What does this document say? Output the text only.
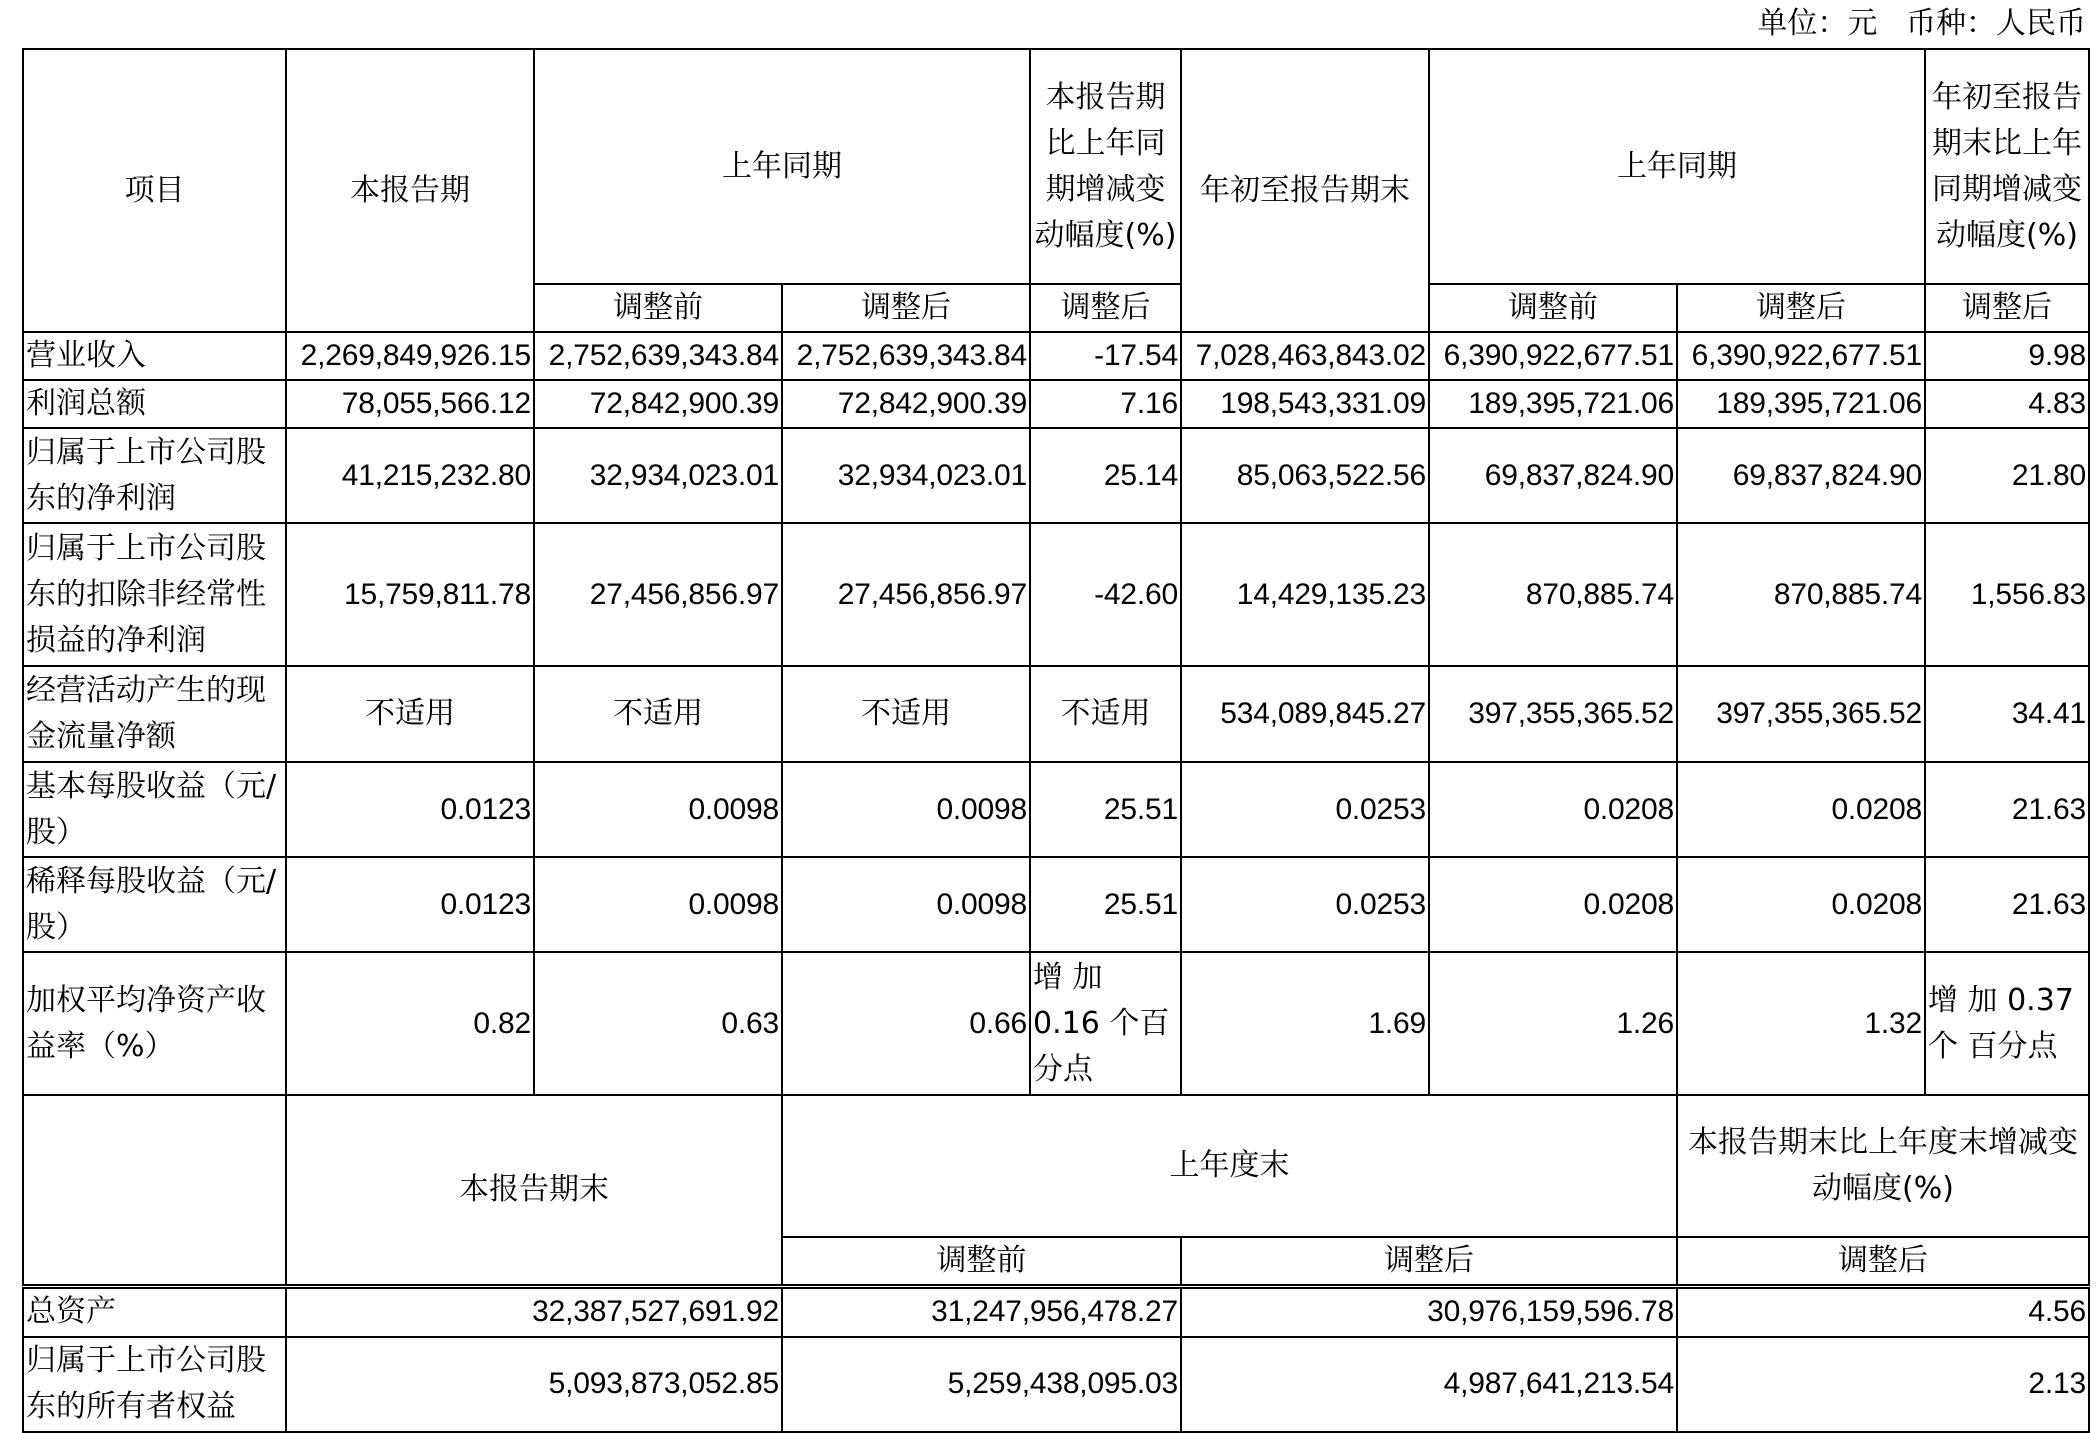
单位：元   币种：人民币
项目	本报告期	上年同期		本报告期比上年同期增减变动幅度(%)	年初至报告期末	上年同期		年初至报告期末比上年同期增减变动幅度(%)
		调整前	调整后	调整后		调整前	调整后	调整后
营业收入	2,269,849,926.15	2,752,639,343.84	2,752,639,343.84	-17.54	7,028,463,843.02	6,390,922,677.51	6,390,922,677.51	9.98
利润总额	78,055,566.12	72,842,900.39	72,842,900.39	7.16	198,543,331.09	189,395,721.06	189,395,721.06	4.83
归属于上市公司股东的净利润	41,215,232.80	32,934,023.01	32,934,023.01	25.14	85,063,522.56	69,837,824.90	69,837,824.90	21.80
归属于上市公司股东的扣除非经常性损益的净利润	15,759,811.78	27,456,856.97	27,456,856.97	-42.60	14,429,135.23	870,885.74	870,885.74	1,556.83
经营活动产生的现金流量净额	不适用	不适用	不适用	不适用	534,089,845.27	397,355,365.52	397,355,365.52	34.41
基本每股收益（元/股）	0.0123	0.0098	0.0098	25.51	0.0253	0.0208	0.0208	21.63
稀释每股收益（元/股）	0.0123	0.0098	0.0098	25.51	0.0253	0.0208	0.0208	21.63
加权平均净资产收益率（%）	0.82	0.63	0.66	增 加 0.16 个百分点	1.69	1.26	1.32	增 加 0.37 个 百分点
	本报告期末		上年度末				本报告期末比上年度末增减变动幅度(%)	
			调整前		调整后		调整后	
总资产	32,387,527,691.92		31,247,956,478.27		30,976,159,596.78		4.56	
归属于上市公司股东的所有者权益	5,093,873,052.85		5,259,438,095.03		4,987,641,213.54		2.13	
